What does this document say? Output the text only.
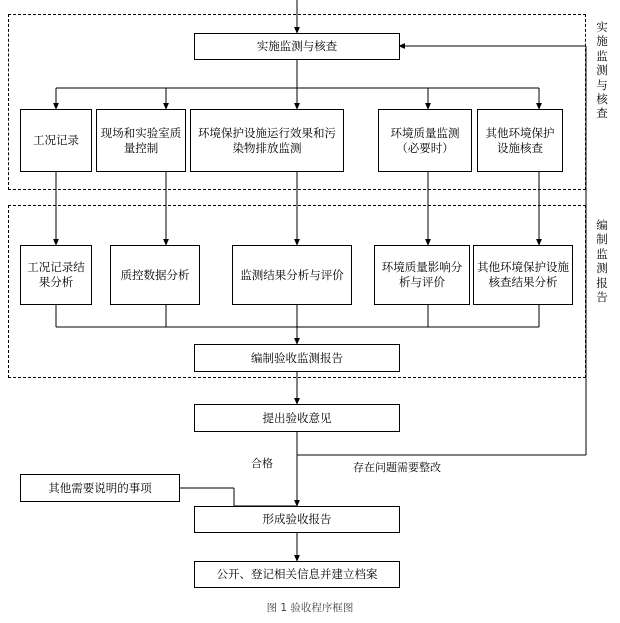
实施监测与核查
工况记录
现场和实验室质量控制
环境保护设施运行效果和污染物排放监测
环境质量监测（必要时）
其他环境保护设施核查
工况记录结果分析
质控数据分析	监测结果分析与评价
环境质量影响分析与评价
其他环境保护设施核查结果分析
编制验收监测报告
提出验收意见
其他需要说明的事项
形成验收报告
公开、登记相关信息并建立档案
合格	存在问题需要整改
实施监测与核查
编制监测报告
图 1 验收程序框图
